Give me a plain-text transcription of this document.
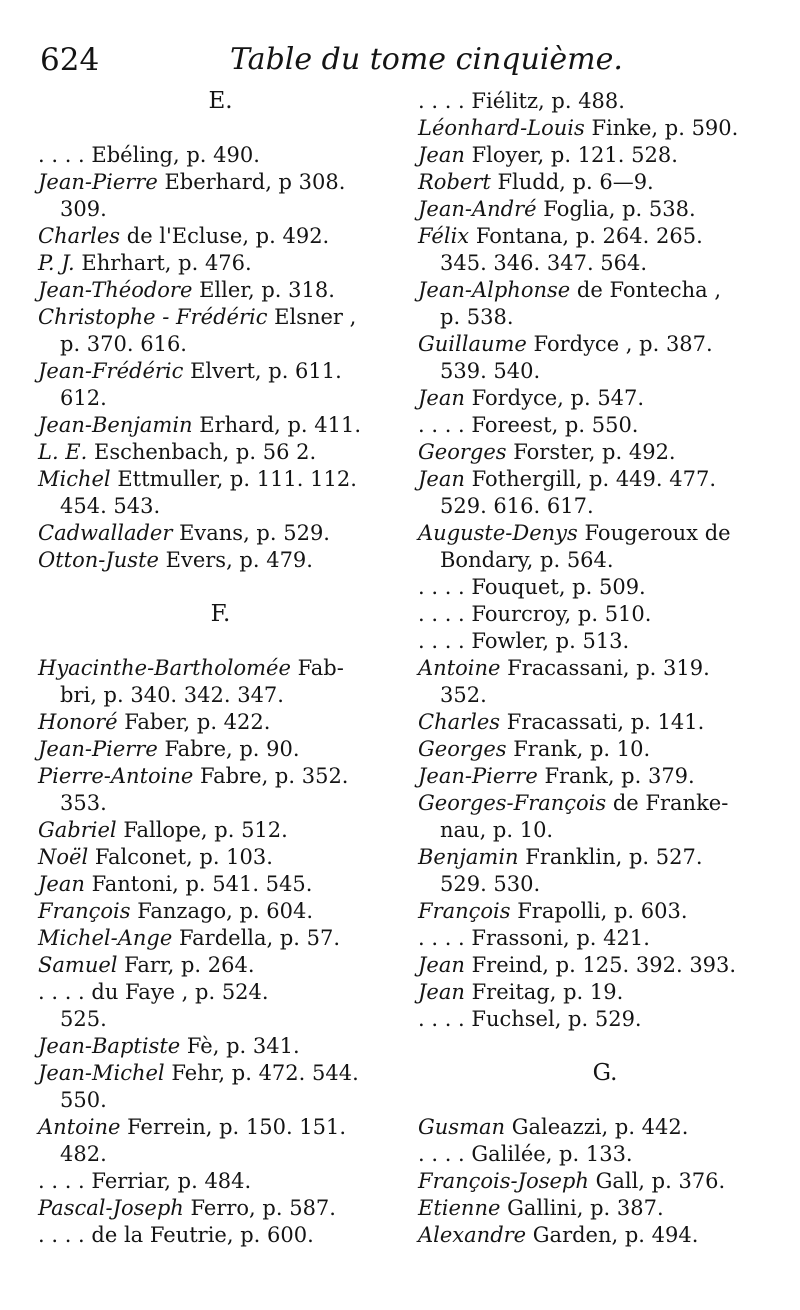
624	Table du tome cinquième.
E.
. . . . Ebéling, p. 490.
Jean-Pierre Eberhard, p 308.
309.
Charles de l'Ecluse, p. 492.
P. J. Ehrhart, p. 476.
Jean-Théodore Eller, p. 318.
Christophe - Frédéric Elsner ,
p. 370. 616.
Jean-Frédéric Elvert, p. 611.
612.
Jean-Benjamin Erhard, p. 411.
L. E. Eschenbach, p. 56 2.
Michel Ettmuller, p. 111. 112.
454. 543.
Cadwallader Evans, p. 529.
Otton-Juste Evers, p. 479.
F.
Hyacinthe-Bartholomée Fab-
bri, p. 340. 342. 347.
Honoré Faber, p. 422.
Jean-Pierre Fabre, p. 90.
Pierre-Antoine Fabre, p. 352.
353.
Gabriel Fallope, p. 512.
Noël Falconet, p. 103.
Jean Fantoni, p. 541. 545.
François Fanzago, p. 604.
Michel-Ange Fardella, p. 57.
Samuel Farr, p. 264.
. . . . du Faye , p. 524.
525.
Jean-Baptiste Fè, p. 341.
Jean-Michel Fehr, p. 472. 544.
550.
Antoine Ferrein, p. 150. 151.
482.
. . . . Ferriar, p. 484.
Pascal-Joseph Ferro, p. 587.
. . . . de la Feutrie, p. 600.
. . . . Fiélitz, p. 488.
Léonhard-Louis Finke, p. 590.
Jean Floyer, p. 121. 528.
Robert Fludd, p. 6—9.
Jean-André Foglia, p. 538.
Félix Fontana, p. 264. 265.
345. 346. 347. 564.
Jean-Alphonse de Fontecha ,
p. 538.
Guillaume Fordyce , p. 387.
539. 540.
Jean Fordyce, p. 547.
. . . . Foreest, p. 550.
Georges Forster, p. 492.
Jean Fothergill, p. 449. 477.
529. 616. 617.
Auguste-Denys Fougeroux de
Bondary, p. 564.
. . . . Fouquet, p. 509.
. . . . Fourcroy, p. 510.
. . . . Fowler, p. 513.
Antoine Fracassani, p. 319.
352.
Charles Fracassati, p. 141.
Georges Frank, p. 10.
Jean-Pierre Frank, p. 379.
Georges-François de Franke-
nau, p. 10.
Benjamin Franklin, p. 527.
529. 530.
François Frapolli, p. 603.
. . . . Frassoni, p. 421.
Jean Freind, p. 125. 392. 393.
Jean Freitag, p. 19.
. . . . Fuchsel, p. 529.
G.
Gusman Galeazzi, p. 442.
. . . . Galilée, p. 133.
François-Joseph Gall, p. 376.
Etienne Gallini, p. 387.
Alexandre Garden, p. 494.
